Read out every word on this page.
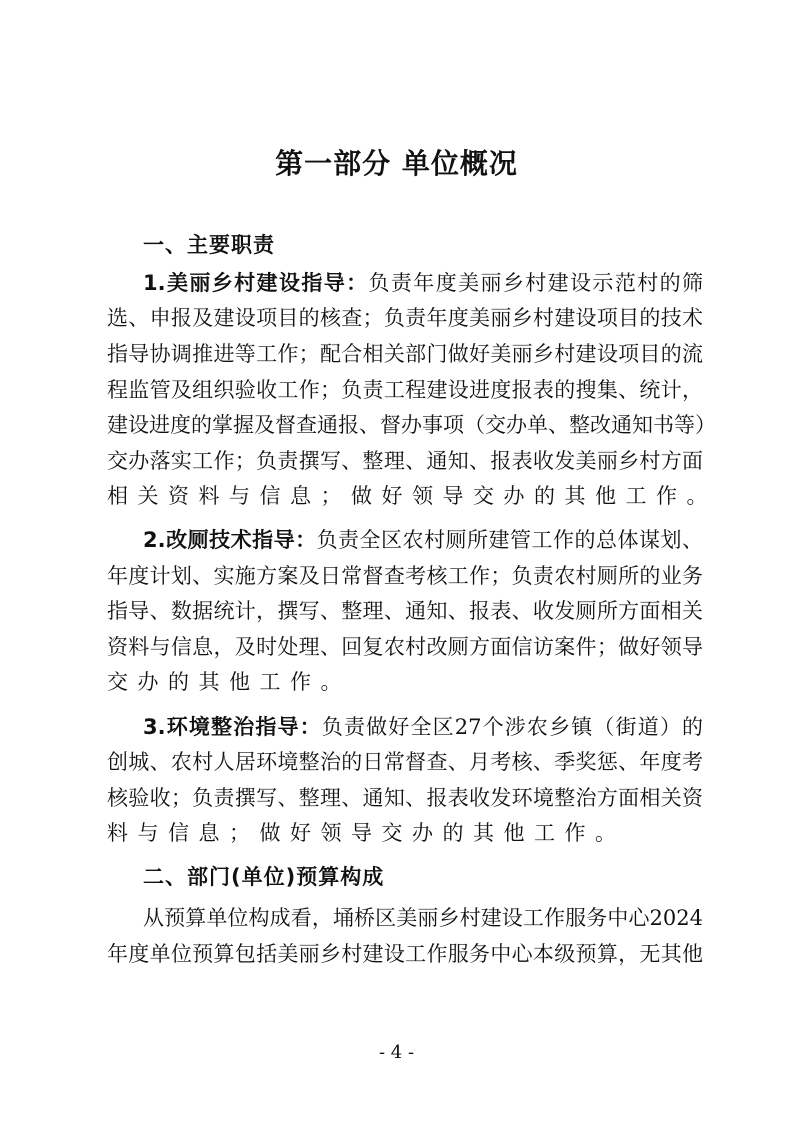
第一部分 单位概况
一、主要职责
1.美丽乡村建设指导：负责年度美丽乡村建设示范村的筛
选、申报及建设项目的核查；负责年度美丽乡村建设项目的技术
指导协调推进等工作；配合相关部门做好美丽乡村建设项目的流
程监管及组织验收工作；负责工程建设进度报表的搜集、统计，
建设进度的掌握及督查通报、督办事项（交办单、整改通知书等）
交办落实工作；负责撰写、整理、通知、报表收发美丽乡村方面
相关资料与信息；做好领导交办的其他工作。
2.改厕技术指导：负责全区农村厕所建管工作的总体谋划、
年度计划、实施方案及日常督查考核工作；负责农村厕所的业务
指导、数据统计，撰写、整理、通知、报表、收发厕所方面相关
资料与信息，及时处理、回复农村改厕方面信访案件；做好领导
交办的其他工作。
3.环境整治指导：负责做好全区27个涉农乡镇（街道）的
创城、农村人居环境整治的日常督查、月考核、季奖惩、年度考
核验收；负责撰写、整理、通知、报表收发环境整治方面相关资
料与信息；做好领导交办的其他工作。
二、部门(单位)预算构成
从预算单位构成看，埇桥区美丽乡村建设工作服务中心2024
年度单位预算包括美丽乡村建设工作服务中心本级预算，无其他
- 4 -
